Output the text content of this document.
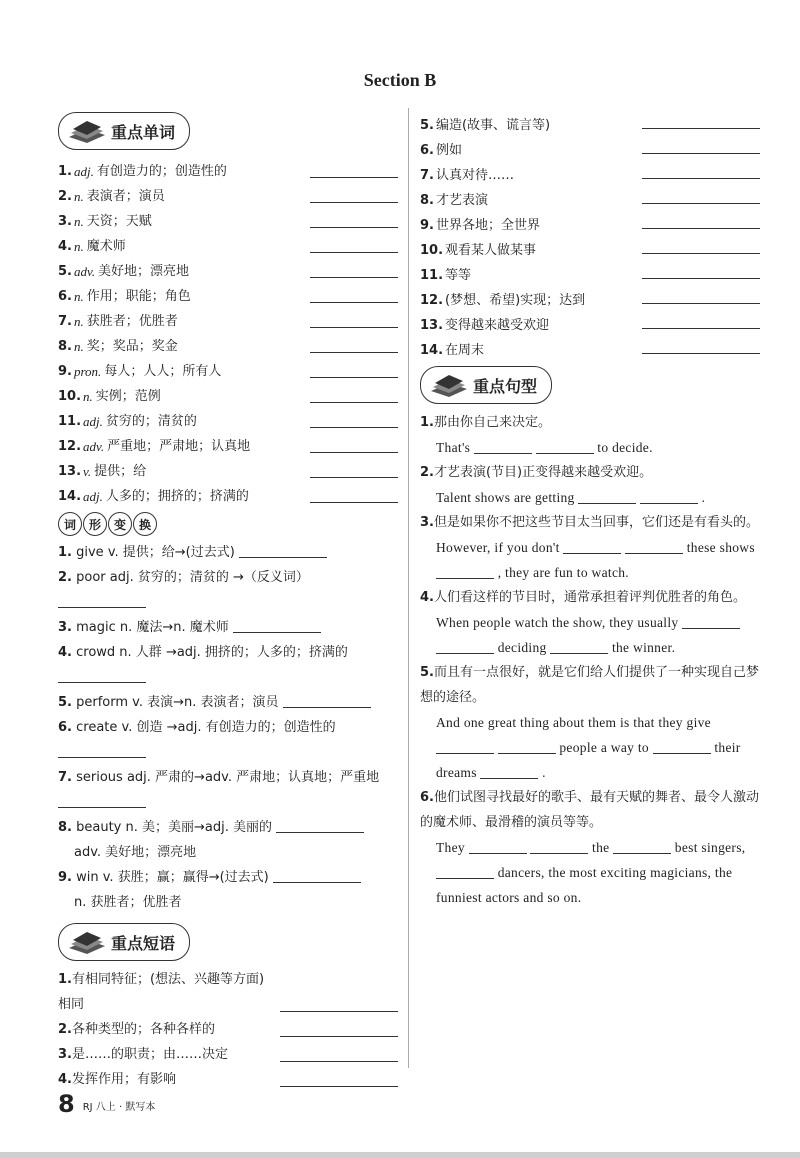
Section B
重点单词
1. adj. 有创造力的；创造性的
2. n. 表演者；演员
3. n. 天资；天赋
4. n. 魔术师
5. adv. 美好地；漂亮地
6. n. 作用；职能；角色
7. n. 获胜者；优胜者
8. n. 奖；奖品；奖金
9. pron. 每人；人人；所有人
10. n. 实例；范例
11. adj. 贫穷的；清贫的
12. adv. 严重地；严肃地；认真地
13. v. 提供；给
14. adj. 人多的；拥挤的；挤满的
词	形	变	换
1. give v. 提供；给→(过去式)
2. poor adj. 贫穷的；清贫的 →（反义词）
3. magic n. 魔法→n. 魔术师
4. crowd n. 人群 →adj. 拥挤的；人多的；挤满的
5. perform v. 表演→n. 表演者；演员
6. create v. 创造 →adj. 有创造力的；创造性的
7. serious adj. 严肃的→adv. 严肃地；认真地；严重地
8. beauty n. 美；美丽→adj. 美丽的
adv. 美好地；漂亮地
9. win v. 获胜；赢；赢得→(过去式)
n. 获胜者；优胜者
重点短语
1.有相同特征；(想法、兴趣等方面)相同
2.各种类型的；各种各样的
3.是……的职责；由……决定
4.发挥作用；有影响
5. 编造(故事、谎言等)
6. 例如
7. 认真对待……
8. 才艺表演
9. 世界各地；全世界
10. 观看某人做某事
11. 等等
12. (梦想、希望)实现；达到
13. 变得越来越受欢迎
14. 在周末
重点句型
1.那由你自己来决定。
That's	to decide.
2.才艺表演(节目)正变得越来越受欢迎。
Talent shows are getting	.
3.但是如果你不把这些节目太当回事，它们还是有看头的。
However, if you don't	these shows  , they are fun to watch.
4.人们看这样的节目时，通常承担着评判优胜者的角色。
When people watch the show, they usually   deciding	the winner.
5.而且有一点很好，就是它们给人们提供了一种实现自己梦想的途径。
And one great thing about them is that they give   people a way to	their dreams	.
6.他们试图寻找最好的歌手、最有天赋的舞者、最令人激动的魔术师、最滑稽的演员等等。
They	the	best singers,  dancers, the most exciting magicians, the funniest actors and so on.
8 RJ 八上 · 默写本
